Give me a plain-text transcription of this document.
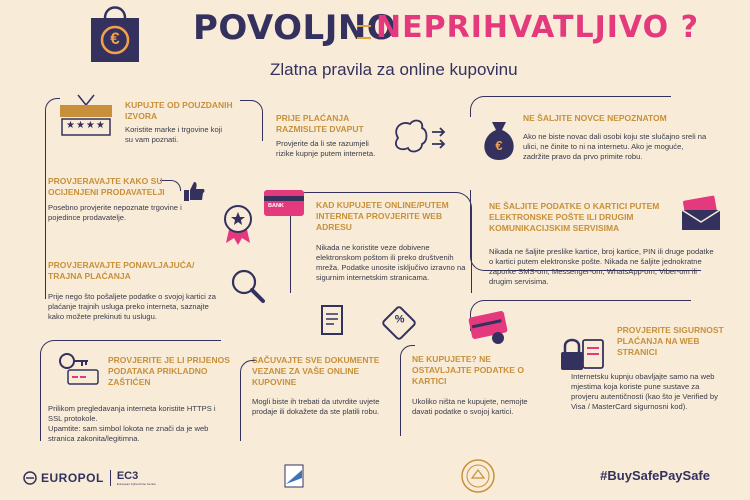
€ POVOLJNO
NEPRIHVATLJIVO ?
Zlatna pravila za online kupovinu
★★★★
KUPUJTE OD POUZDANIH IZVORA
Koristite marke i trgovine koji su vam poznati.
PRIJE PLAĆANJA RAZMISLITE DVAPUT
Provjerite da li ste razumjeli rizike kupnje putem interneta.
€
NE ŠALJITE NOVCE NEPOZNATOM
Ako ne biste novac dali osobi koju ste slučajno sreli na ulici, ne činite to ni na internetu. Ako je moguće, zadržite pravo da prvo primite robu.
PROVJERAVAJTE KAKO SU OCIJENJENI PRODAVATELJI
Posebno provjerite nepoznate trgovine i pojedince prodavatelje.
BANK	KAD KUPUJETE ONLINE/PUTEM INTERNETA PROVJERITE WEB ADRESU
Nikada ne koristite veze dobivene elektronskom poštom ili preko društvenih mreža. Podatke unosite isključivo izravno na sigurnim internetskim stranicama.
NE ŠALJITE PODATKE O KARTICI PUTEM ELEKTRONSKE POŠTE ILI DRUGIM KOMUNIKACIJSKIM SERVISIMA
Nikada ne šaljite preslike kartice, broj kartice, PIN ili druge podatke o kartici putem elektronske pošte. Nikada ne šaljite jednokratne zaporke SMS-om, Messenger-om, WhatsApp-om, Viber-om ili drugim servisima.
PROVJERAVAJTE PONAVLJAJUĆA/ TRAJNA PLAĆANJA
Prije nego što pošaljete podatke o svojoj kartici za plaćanje trajnih usluga preko interneta, saznajte kako možete prekinuti tu uslugu.	%
PROVJERITE JE LI PRIJENOS PODATAKA PRIKLADNO ZAŠTIĆEN
Prilikom pregledavanja interneta koristite HTTPS i SSL protokole.
Upamtite: sam simbol lokota ne znači da je web stranica zakonita/legitimna.
SAČUVAJTE SVE DOKUMENTE VEZANE ZA VAŠE ONLINE KUPOVINE
Mogli biste ih trebati da utvrdite uvjete prodaje ili dokažete da ste platili robu.
NE KUPUJETE? NE OSTAVLJAJTE PODATKE O KARTICI
Ukoliko ništa ne kupujete, nemojte davati podatke o svojoj kartici.
PROVJERITE SIGURNOST PLAĆANJA NA WEB STRANICI
Internetsku kupnju obavljajte samo na web mjestima koja koriste pune sustave za provjeru autentičnosti (kao što je Verified by Visa / MasterCard sigurnosni kod).
EUROPOL EC3
European Cybercrime Centre
#BuySafePaySafe
